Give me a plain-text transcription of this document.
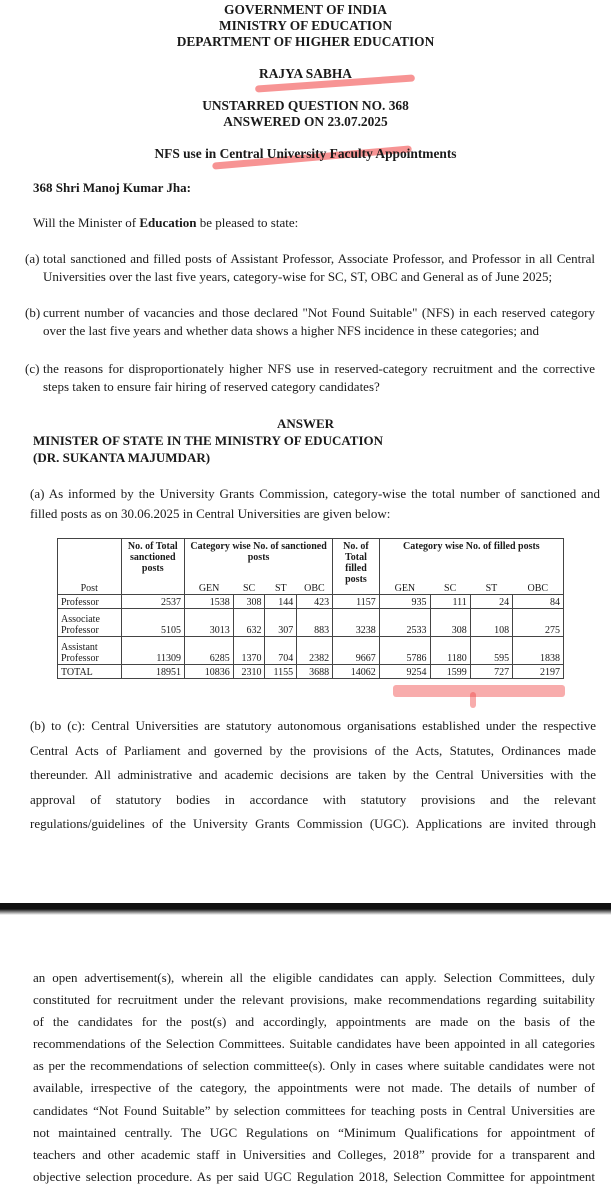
GOVERNMENT OF INDIA
MINISTRY OF EDUCATION
DEPARTMENT OF HIGHER EDUCATION
RAJYA SABHA
UNSTARRED QUESTION NO. 368
ANSWERED ON 23.07.2025
NFS use in Central University Faculty Appointments
368 Shri Manoj Kumar Jha:
Will the Minister of Education be pleased to state:
(a) total sanctioned and filled posts of Assistant Professor, Associate Professor, and Professor in all Central Universities over the last five years, category-wise for SC, ST, OBC and General as of June 2025;
(b) current number of vacancies and those declared "Not Found Suitable" (NFS) in each reserved category over the last five years and whether data shows a higher NFS incidence in these categories; and
(c) the reasons for disproportionately higher NFS use in reserved-category recruitment and the corrective steps taken to ensure fair hiring of reserved category candidates?
ANSWER
MINISTER OF STATE IN THE MINISTRY OF EDUCATION
(DR. SUKANTA MAJUMDAR)
(a) As informed by the University Grants Commission, category-wise the total number of sanctioned and filled posts as on 30.06.2025 in Central Universities are given below:
	No. of Total sanctioned posts	Category wise No. of sanctioned posts				No. of Total filled posts	Category wise No. of filled posts			
Post		GEN	SC	ST	OBC		GEN	SC	ST	OBC
Professor	2537	1538	308	144	423	1157	935	111	24	84
Associate Professor	5105	3013	632	307	883	3238	2533	308	108	275
Assistant Professor	11309	6285	1370	704	2382	9667	5786	1180	595	1838
TOTAL	18951	10836	2310	1155	3688	14062	9254	1599	727	2197
(b) to (c): Central Universities are statutory autonomous organisations established under the respective
Central Acts of Parliament and governed by the provisions of the Acts, Statutes, Ordinances made
thereunder. All administrative and academic decisions are taken by the Central Universities with the
approval of statutory bodies in accordance with statutory provisions and the relevant
regulations/guidelines of the University Grants Commission (UGC). Applications are invited through
an open advertisement(s), wherein all the eligible candidates can apply. Selection Committees, duly
constituted for recruitment under the relevant provisions, make recommendations regarding suitability
of the candidates for the post(s) and accordingly, appointments are made on the basis of the
recommendations of the Selection Committees. Suitable candidates have been appointed in all categories
as per the recommendations of selection committee(s). Only in cases where suitable candidates were not
available, irrespective of the category, the appointments were not made. The details of number of
candidates “Not Found Suitable” by selection committees for teaching posts in Central Universities are
not maintained centrally. The UGC Regulations on “Minimum Qualifications for appointment of
teachers and other academic staff in Universities and Colleges, 2018” provide for a transparent and
objective selection procedure. As per said UGC Regulation 2018, Selection Committee for appointment
